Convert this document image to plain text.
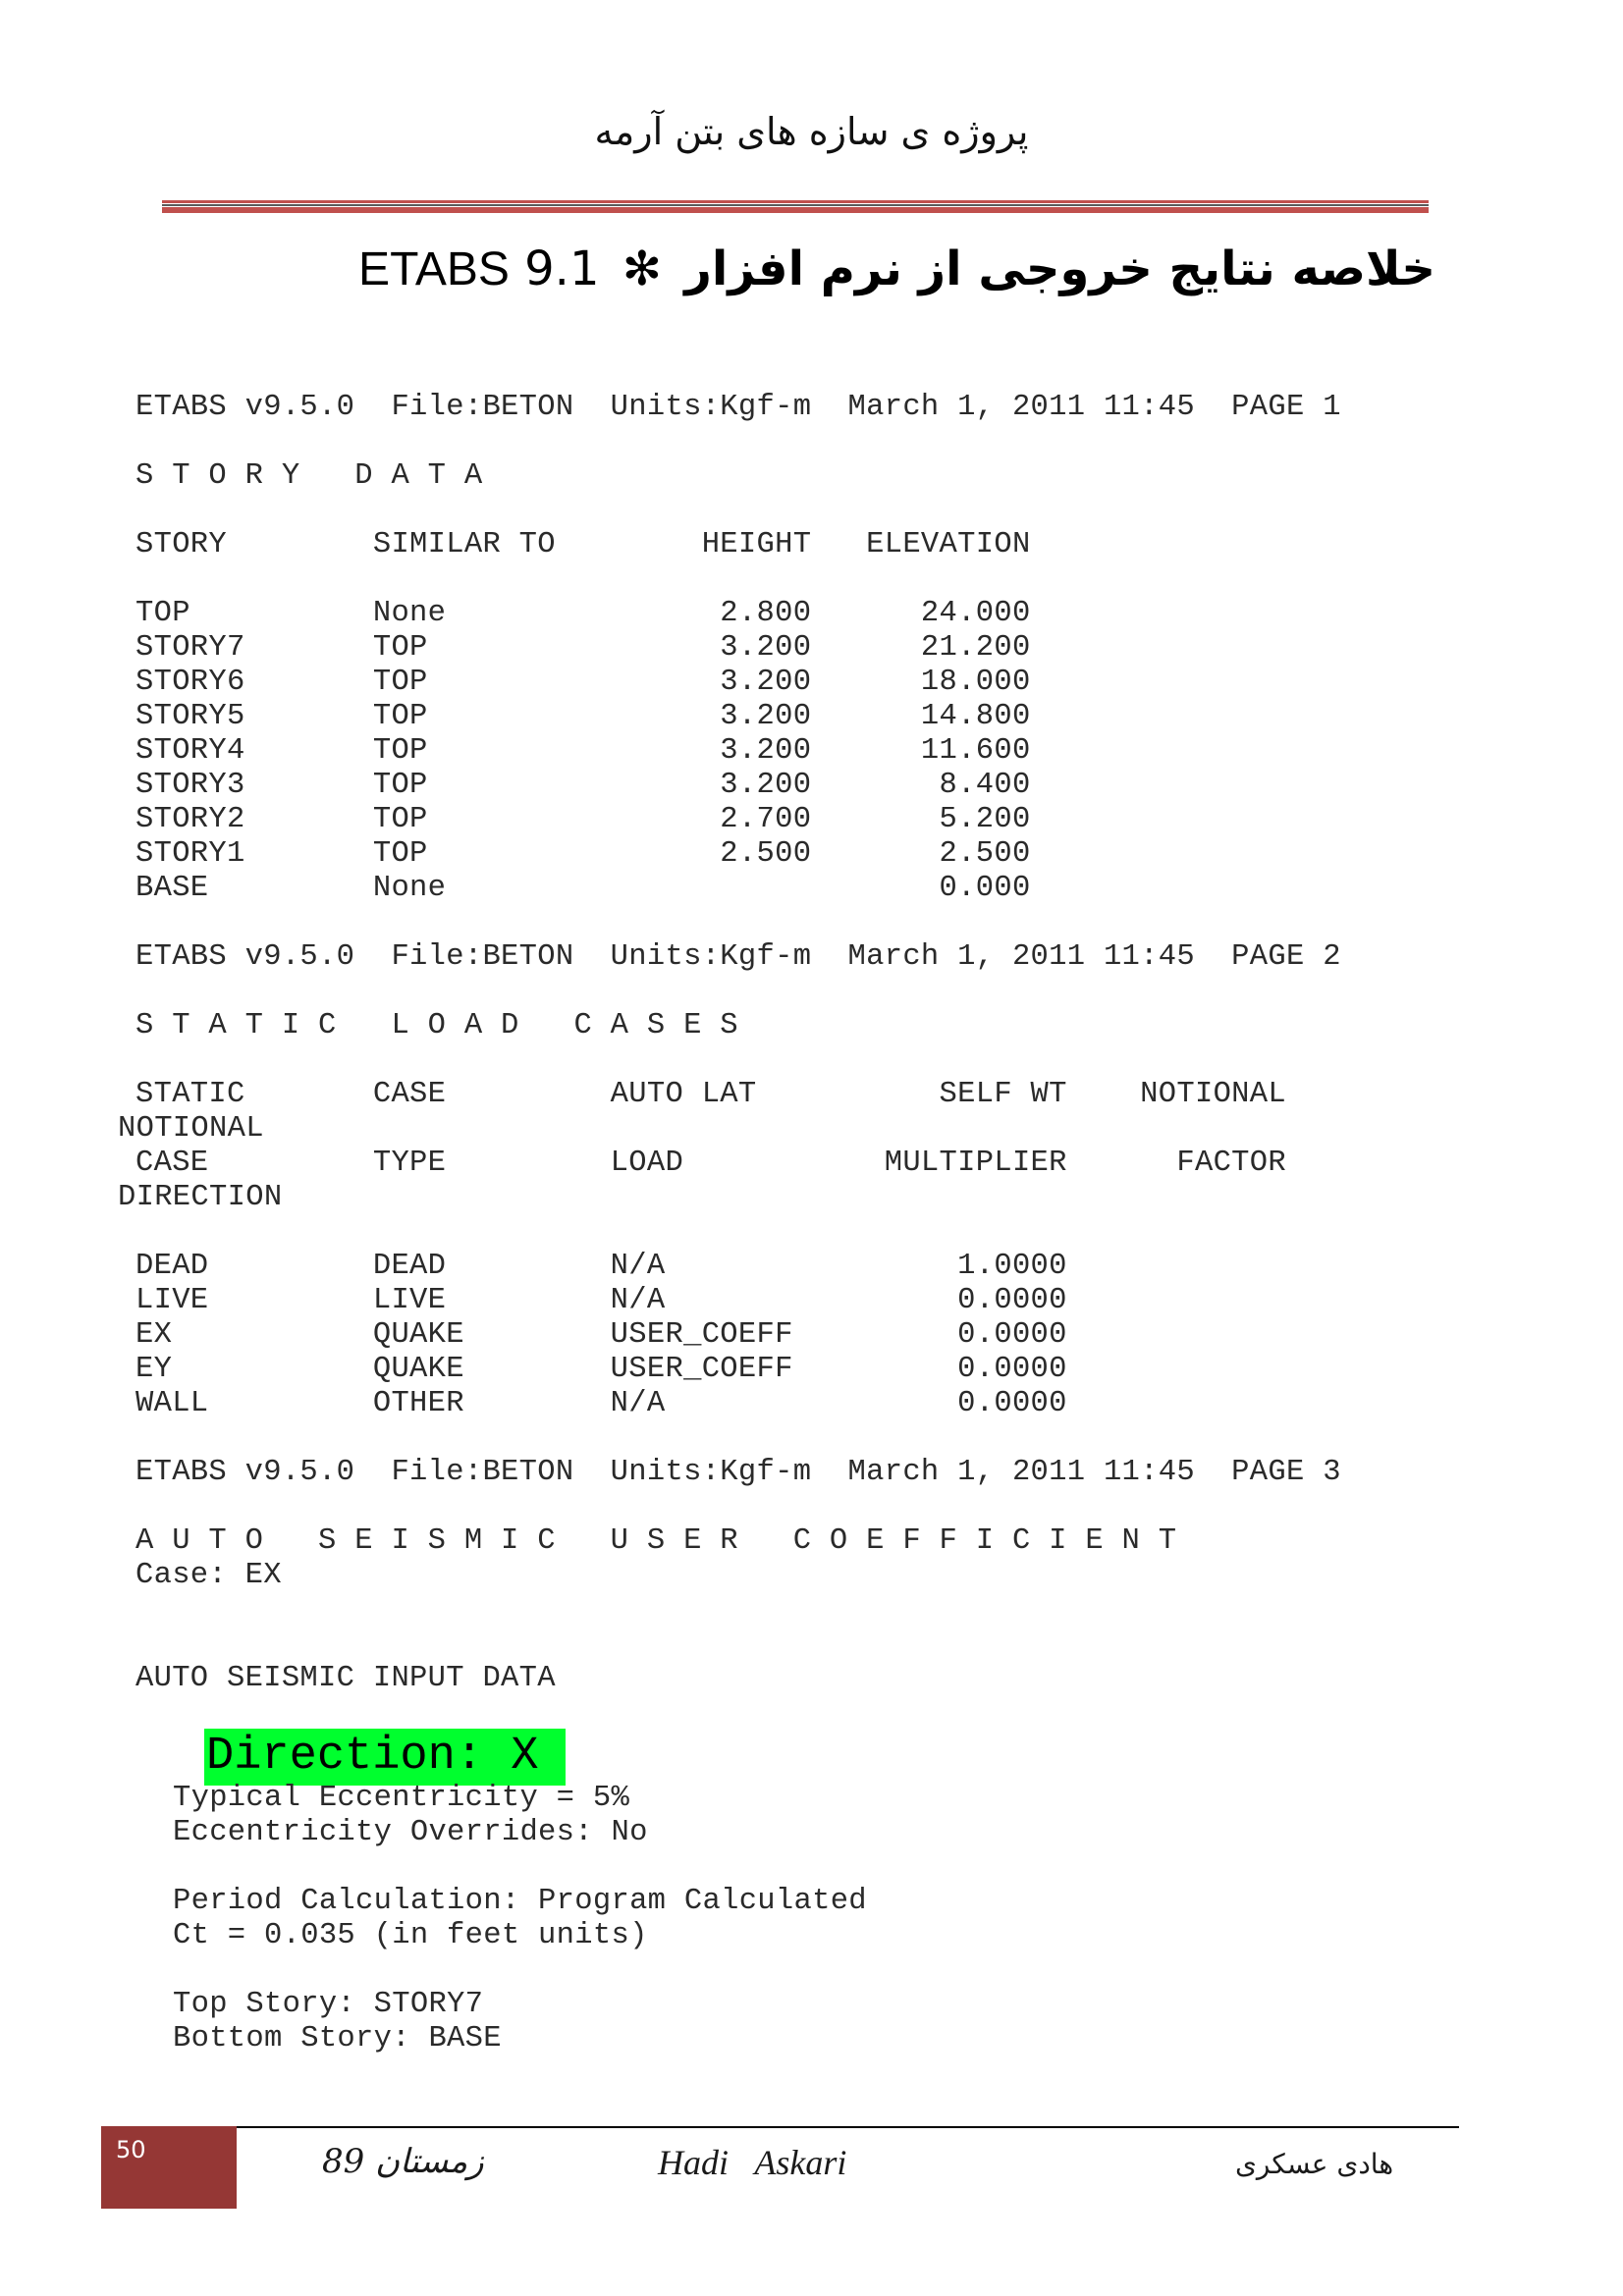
پروژه ی سازه های بتن آرمه
ETABS	خلاصه نتایج خروجی از نرم افزار ✻ 9.1
ETABS v9.5.0  File:BETON  Units:Kgf-m  March 1, 2011 11:45  PAGE 1
S T O R Y   D A T A
STORY        SIMILAR TO        HEIGHT   ELEVATION
TOP          None               2.800      24.000
STORY7       TOP                3.200      21.200
STORY6       TOP                3.200      18.000
STORY5       TOP                3.200      14.800
STORY4       TOP                3.200      11.600
STORY3       TOP                3.200       8.400
STORY2       TOP                2.700       5.200
STORY1       TOP                2.500       2.500
BASE         None                           0.000
ETABS v9.5.0  File:BETON  Units:Kgf-m  March 1, 2011 11:45  PAGE 2
S T A T I C   L O A D   C A S E S
STATIC       CASE         AUTO LAT          SELF WT    NOTIONAL
NOTIONAL
CASE         TYPE         LOAD           MULTIPLIER      FACTOR
DIRECTION
DEAD         DEAD         N/A                1.0000
LIVE         LIVE         N/A                0.0000
EX           QUAKE        USER_COEFF         0.0000
EY           QUAKE        USER_COEFF         0.0000
WALL         OTHER        N/A                0.0000
ETABS v9.5.0  File:BETON  Units:Kgf-m  March 1, 2011 11:45  PAGE 3
A U T O   S E I S M I C   U S E R   C O E F F I C I E N T
Case: EX
AUTO SEISMIC INPUT DATA
Direction: X
Typical Eccentricity = 5%
Eccentricity Overrides: No
Period Calculation: Program Calculated
Ct = 0.035 (in feet units)
Top Story: STORY7
Bottom Story: BASE
50	زمستان 89	Hadi   Askari	هادی عسکری
